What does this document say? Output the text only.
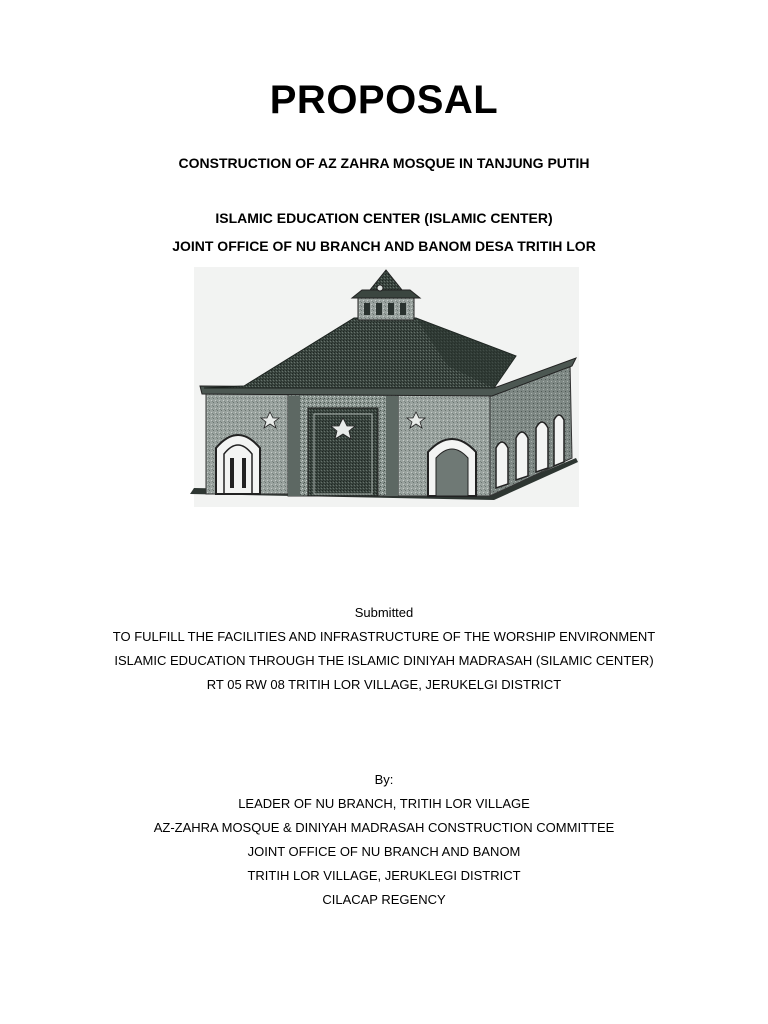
PROPOSAL
CONSTRUCTION OF AZ ZAHRA MOSQUE IN TANJUNG PUTIH
ISLAMIC EDUCATION CENTER (ISLAMIC CENTER)
JOINT OFFICE OF NU BRANCH AND BANOM DESA TRITIH LOR
Submitted
TO FULFILL THE FACILITIES AND INFRASTRUCTURE OF THE WORSHIP ENVIRONMENT
ISLAMIC EDUCATION THROUGH THE ISLAMIC DINIYAH MADRASAH (SILAMIC CENTER)
RT 05 RW 08 TRITIH LOR VILLAGE, JERUKELGI DISTRICT
By:
LEADER OF NU BRANCH, TRITIH LOR VILLAGE
AZ-ZAHRA MOSQUE & DINIYAH MADRASAH CONSTRUCTION COMMITTEE
JOINT OFFICE OF NU BRANCH AND BANOM
TRITIH LOR VILLAGE, JERUKLEGI DISTRICT
CILACAP REGENCY
